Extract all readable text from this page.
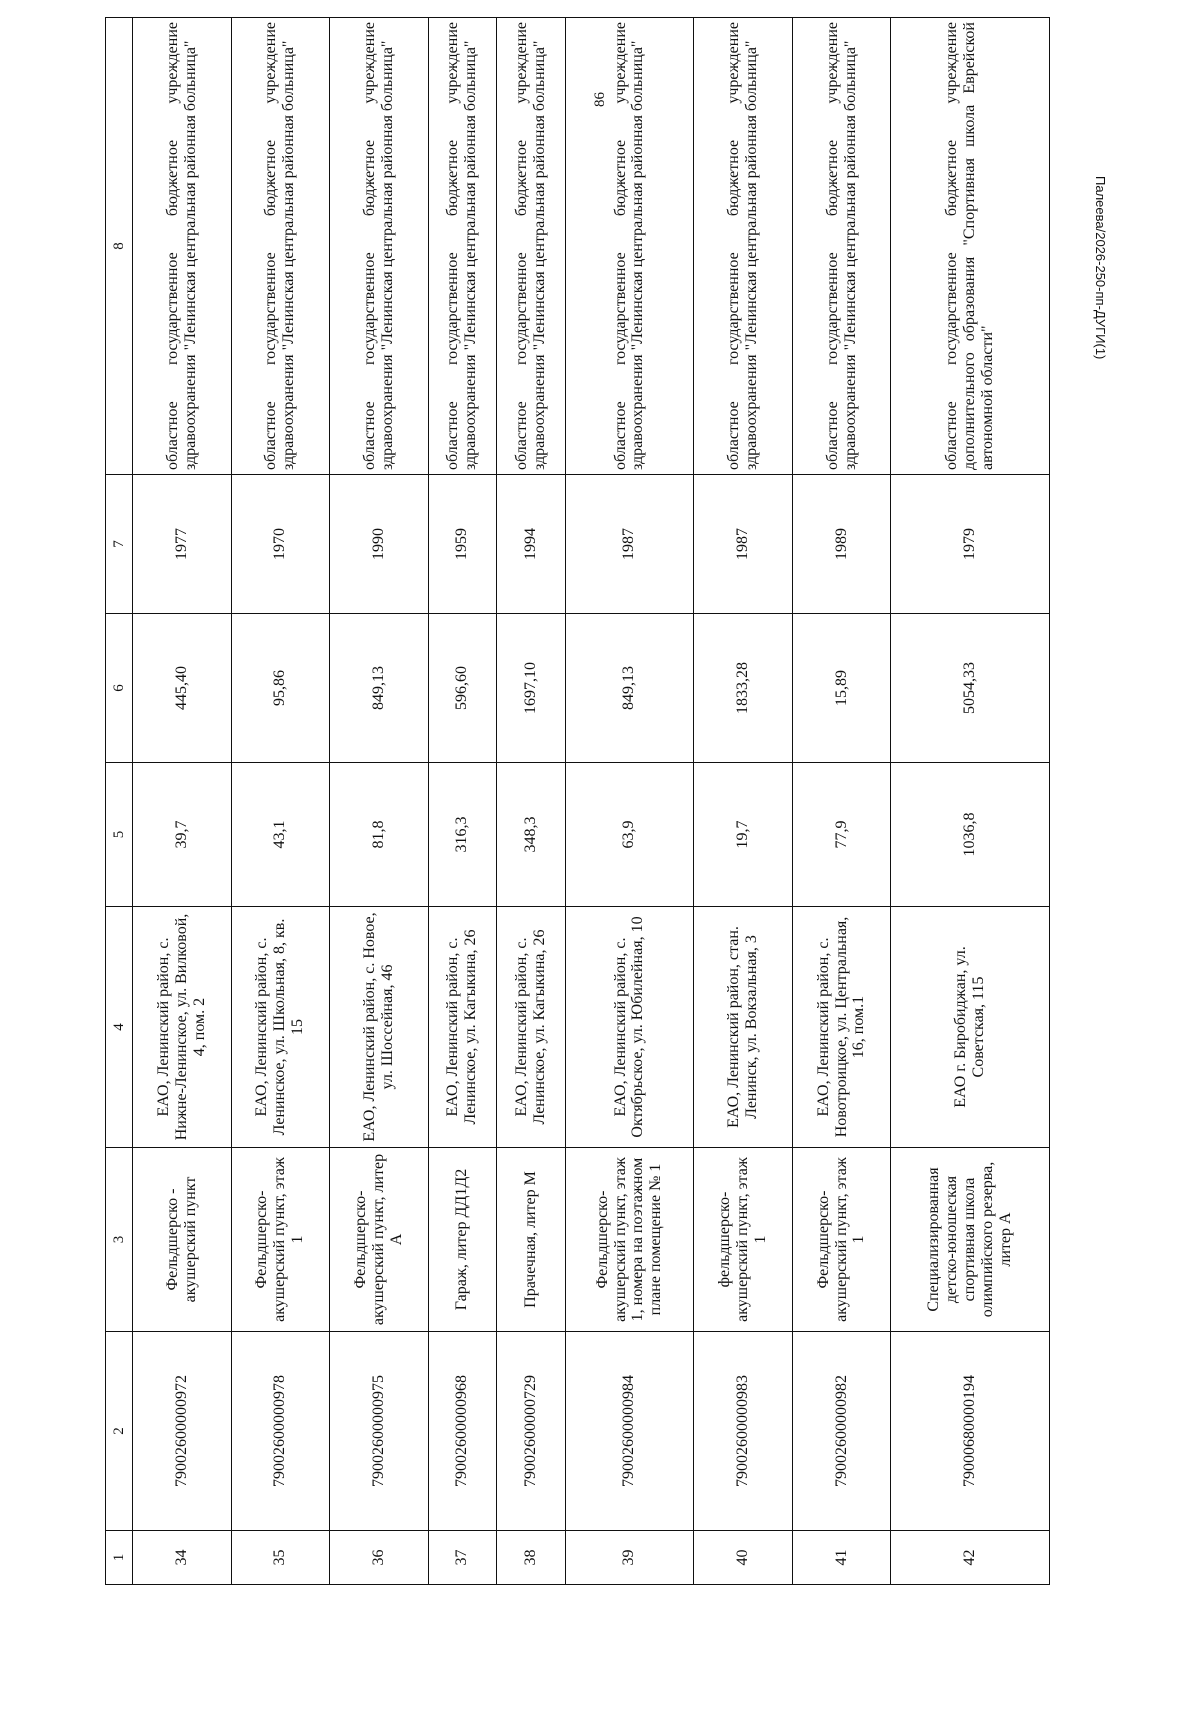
86
Палеева/2026-250-пп-ДУГИ(1)
1	2	3	4	5	6	7	8
34	79002600000972	Фельдшерско - акушерский пункт	ЕАО, Ленинский район, с. Нижне-Ленинское, ул. Вилковой, 4, пом. 2	39,7	445,40	1977	областное государственное бюджетное учреждение здравоохранения "Ленинская центральная районная больница"
35	79002600000978	Фельдшерско-акушерский пункт, этаж 1	ЕАО, Ленинский район, с. Ленинское, ул. Школьная, 8, кв. 15	43,1	95,86	1970	областное государственное бюджетное учреждение здравоохранения "Ленинская центральная районная больница"
36	79002600000975	Фельдшерско-акушерский пункт, литер А	ЕАО, Ленинский район, с. Новое, ул. Шоссейная, 46	81,8	849,13	1990	областное государственное бюджетное учреждение здравоохранения "Ленинская центральная районная больница"
37	79002600000968	Гараж, литер ДД1Д2	ЕАО, Ленинский район, с. Ленинское, ул. Кагыкина, 26	316,3	596,60	1959	областное государственное бюджетное учреждение здравоохранения "Ленинская центральная районная больница"
38	79002600000729	Прачечная, литер М	ЕАО, Ленинский район, с. Ленинское, ул. Кагыкина, 26	348,3	1697,10	1994	областное государственное бюджетное учреждение здравоохранения "Ленинская центральная районная больница"
39	79002600000984	Фельдшерско-акушерский пункт, этаж 1, номера на поэтажном плане помещение № 1	ЕАО, Ленинский район, с. Октябрьское, ул. Юбилейная, 10	63,9	849,13	1987	областное государственное бюджетное учреждение здравоохранения "Ленинская центральная районная больница"
40	79002600000983	фельдшерско-акушерский пункт, этаж 1	ЕАО, Ленинский район, стан. Ленинск, ул. Вокзальная, 3	19,7	1833,28	1987	областное государственное бюджетное учреждение здравоохранения "Ленинская центральная районная больница"
41	79002600000982	Фельдшерско-акушерский пункт, этаж 1	ЕАО, Ленинский район, с. Новотроицкое, ул. Центральная, 16, пом.1	77,9	15,89	1989	областное государственное бюджетное учреждение здравоохранения "Ленинская центральная районная больница"
42	79000680000194	Специализированная детско-юношеская спортивная школа олимпийского резерва, литер А	ЕАО г. Биробиджан, ул. Советская, 115	1036,8	5054,33	1979	областное государственное бюджетное учреждение дополнительного образования "Спортивная школа Еврейской автономной области"
